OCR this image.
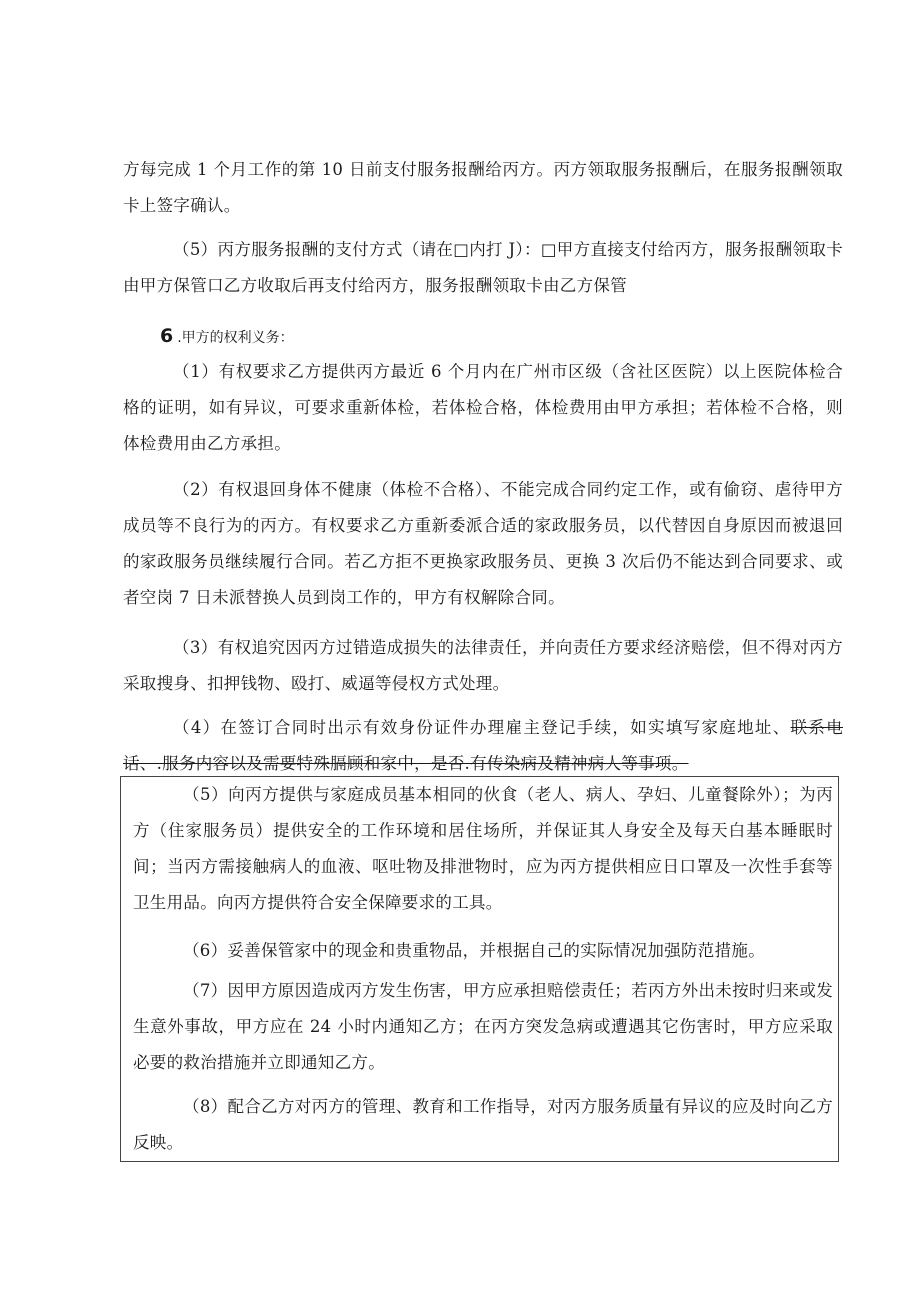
方每完成 1 个月工作的第 10 日前支付服务报酬给丙方。丙方领取服务报酬后，在服务报酬领取卡上签字确认。

（5）丙方服务报酬的支付方式（请在□内打 J）：□甲方直接支付给丙方，服务报酬领取卡由甲方保管口乙方收取后再支付给丙方，服务报酬领取卡由乙方保管

6 .甲方的权利义务：

（1）有权要求乙方提供丙方最近 6 个月内在广州市区级（含社区医院）以上医院体检合格的证明，如有异议，可要求重新体检，若体检合格，体检费用由甲方承担；若体检不合格，则体检费用由乙方承担。

（2）有权退回身体不健康（体检不合格）、不能完成合同约定工作，或有偷窃、虐待甲方成员等不良行为的丙方。有权要求乙方重新委派合适的家政服务员，以代替因自身原因而被退回的家政服务员继续履行合同。若乙方拒不更换家政服务员、更换 3 次后仍不能达到合同要求、或者空岗 7 日未派替换人员到岗工作的，甲方有权解除合同。

（3）有权追究因丙方过错造成损失的法律责任，并向责任方要求经济赔偿，但不得对丙方采取搜身、扣押钱物、殴打、威逼等侵权方式处理。

（4）在签订合同时出示有效身份证件办理雇主登记手续，如实填写家庭地址、联系电话、.服务内容以及需要特殊膈顾和家中，是否.有传染病及精神病人等事项。

（5）向丙方提供与家庭成员基本相同的伙食（老人、病人、孕妇、儿童餐除外）；为丙方（住家服务员）提供安全的工作环境和居住场所，并保证其人身安全及每天白基本睡眠时间；当丙方需接触病人的血液、呕吐物及排泄物时，应为丙方提供相应日口罩及一次性手套等卫生用品。向丙方提供符合安全保障要求的工具。

（6）妥善保管家中的现金和贵重物品，并根据自己的实际情况加强防范措施。

（7）因甲方原因造成丙方发生伤害，甲方应承担赔偿责任；若丙方外出未按时归来或发生意外事故，甲方应在 24 小时内通知乙方；在丙方突发急病或遭遇其它伤害时，甲方应采取必要的救治措施并立即通知乙方。

（8）配合乙方对丙方的管理、教育和工作指导，对丙方服务质量有异议的应及时向乙方反映。
